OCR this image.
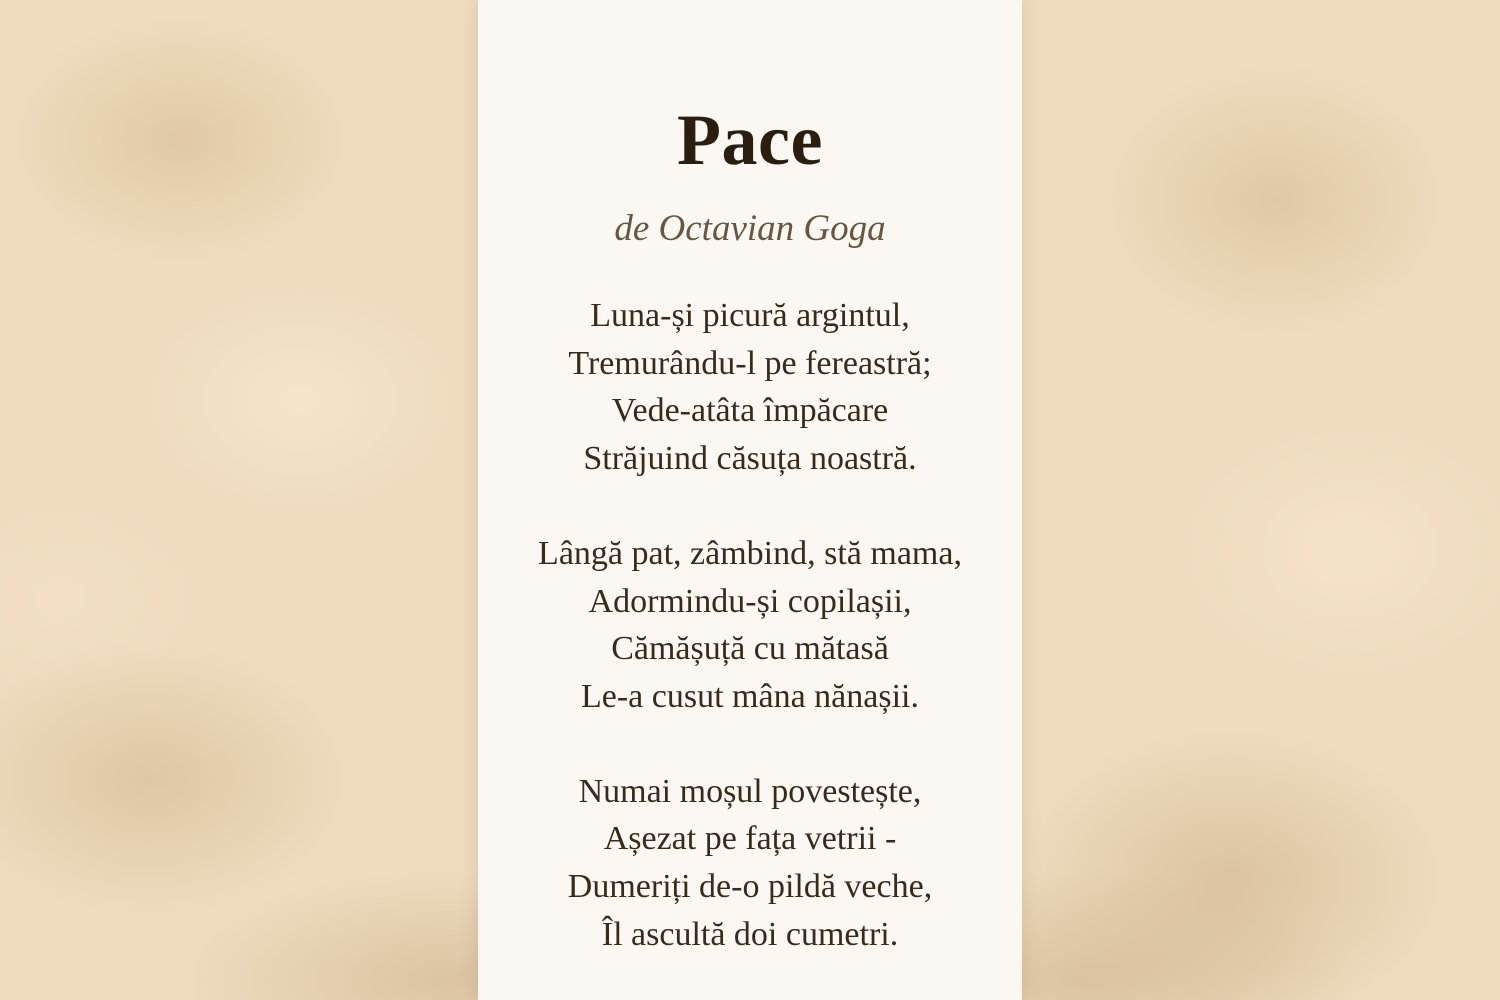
Pace
de Octavian Goga
Luna-și picură argintul,
Tremurându-l pe fereastră;
Vede-atâta împăcare
Străjuind căsuța noastră.
Lângă pat, zâmbind, stă mama,
Adormindu-și copilașii,
Cămășuță cu mătasă
Le-a cusut mâna nănașii.
Numai moșul povestește,
Așezat pe fața vetrii -
Dumeriți de-o pildă veche,
Îl ascultă doi cumetri.
